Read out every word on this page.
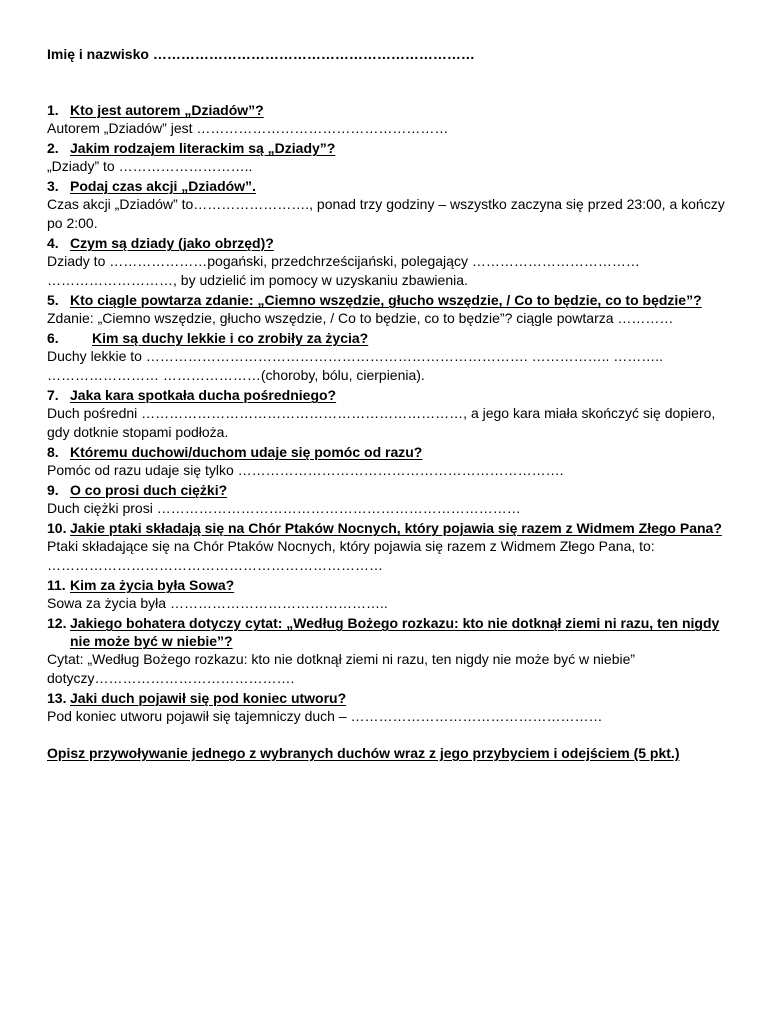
Imię i nazwisko ……………………………………………………………

1. Kto jest autorem „Dziadów”?

Autorem „Dziadów” jest ………………………………………………

2. Jakim rodzajem literackim są „Dziady”?

„Dziady” to ………………………..

3. Podaj czas akcji „Dziadów”.

Czas akcji „Dziadów” to……………………., ponad trzy godziny – wszystko zaczyna się przed 23:00, a kończy po 2:00.

4. Czym są dziady (jako obrzęd)?

Dziady to …………………pogański, przedchrześcijański, polegający ……………………………… ………………………, by udzielić im pomocy w uzyskaniu zbawienia.

5. Kto ciągle powtarza zdanie: „Ciemno wszędzie, głucho wszędzie, / Co to będzie, co to będzie”?

Zdanie: „Ciemno wszędzie, głucho wszędzie, / Co to będzie, co to będzie”? ciągle powtarza …………

6.	Kim są duchy lekkie i co zrobiły za życia?

Duchy lekkie to ………………………………………………………………………. …………….. ……….. …………………… …………………(choroby, bólu, cierpienia).

7. Jaka kara spotkała ducha pośredniego?

Duch pośredni ……………………………………………………………, a jego kara miała skończyć się dopiero, gdy dotknie stopami podłoża.

8. Któremu duchowi/duchom udaje się pomóc od razu?

Pomóc od razu udaje się tylko …………………………………………………………….

9. O co prosi duch ciężki?

Duch ciężki prosi ……………………………………………………………………

10. Jakie ptaki składają się na Chór Ptaków Nocnych, który pojawia się razem z Widmem Złego Pana?

Ptaki składające się na Chór Ptaków Nocnych, który pojawia się razem z Widmem Złego Pana, to: ………………………………………………………………

11. Kim za życia była Sowa?

Sowa za życia była ………………………………………..

12. Jakiego bohatera dotyczy cytat: „Według Bożego rozkazu: kto nie dotknął ziemi ni razu, ten nigdy nie może być w niebie”?

Cytat: „Według Bożego rozkazu: kto nie dotknął ziemi ni razu, ten nigdy nie może być w niebie” dotyczy…………………………………….

13. Jaki duch pojawił się pod koniec utworu?

Pod koniec utworu pojawił się tajemniczy duch – ………………………………………………

Opisz przywoływanie jednego z wybranych duchów wraz z jego przybyciem i odejściem (5 pkt.)
